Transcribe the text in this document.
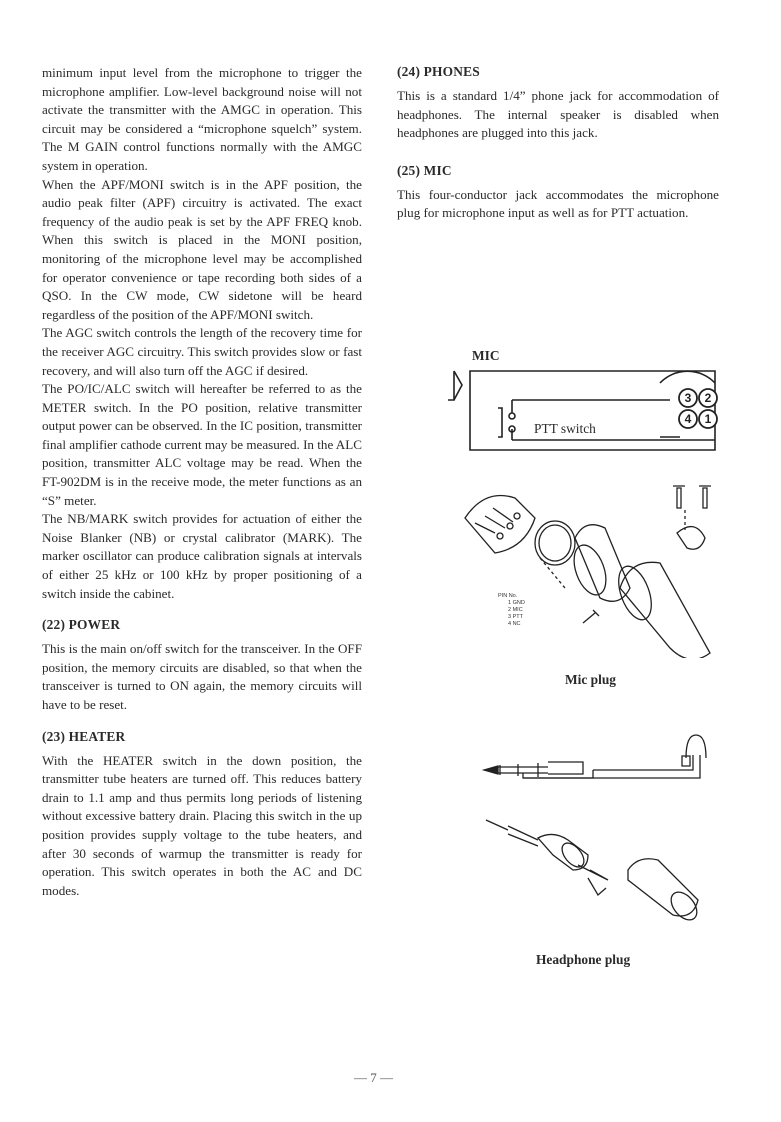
minimum input level from the microphone to trigger the microphone amplifier. Low-level background noise will not activate the transmitter with the AMGC in operation. This circuit may be considered a “microphone squelch” system. The M GAIN control functions normally with the AMGC system in operation.

When the APF/MONI switch is in the APF position, the audio peak filter (APF) circuitry is activated. The exact frequency of the audio peak is set by the APF FREQ knob. When this switch is placed in the MONI position, monitoring of the microphone level may be accomplished for operator convenience or tape recording both sides of a QSO. In the CW mode, CW sidetone will be heard regardless of the position of the APF/MONI switch.

The AGC switch controls the length of the recovery time for the receiver AGC circuitry. This switch provides slow or fast recovery, and will also turn off the AGC if desired.

The PO/IC/ALC switch will hereafter be referred to as the METER switch. In the PO position, relative transmitter output power can be observed. In the IC position, transmitter final amplifier cathode current may be measured. In the ALC position, transmitter ALC voltage may be read. When the FT-902DM is in the receive mode, the meter functions as an “S” meter.

The NB/MARK switch provides for actuation of either the Noise Blanker (NB) or crystal calibrator (MARK). The marker oscillator can produce calibration signals at intervals of either 25 kHz or 100 kHz by proper positioning of a switch inside the cabinet.

(22) POWER

This is the main on/off switch for the transceiver. In the OFF position, the memory circuits are disabled, so that when the transceiver is turned to ON again, the memory circuits will have to be reset.

(23) HEATER

With the HEATER switch in the down position, the transmitter tube heaters are turned off. This reduces battery drain to 1.1 amp and thus permits long periods of listening without excessive battery drain. Placing this switch in the up position provides supply voltage to the tube heaters, and after 30 seconds of warmup the transmitter is ready for operation. This switch operates in both the AC and DC modes.

(24) PHONES

This is a standard 1/4” phone jack for accommodation of headphones. The internal speaker is disabled when headphones are plugged into this jack.

(25) MIC

This four-conductor jack accommodates the microphone plug for microphone input as well as for PTT actuation.

MIC
3 2
4 1
PTT switch
PIN No.
1 GND
2 MIC
3 PTT
4 NC
Mic plug
Headphone plug
— 7 —
